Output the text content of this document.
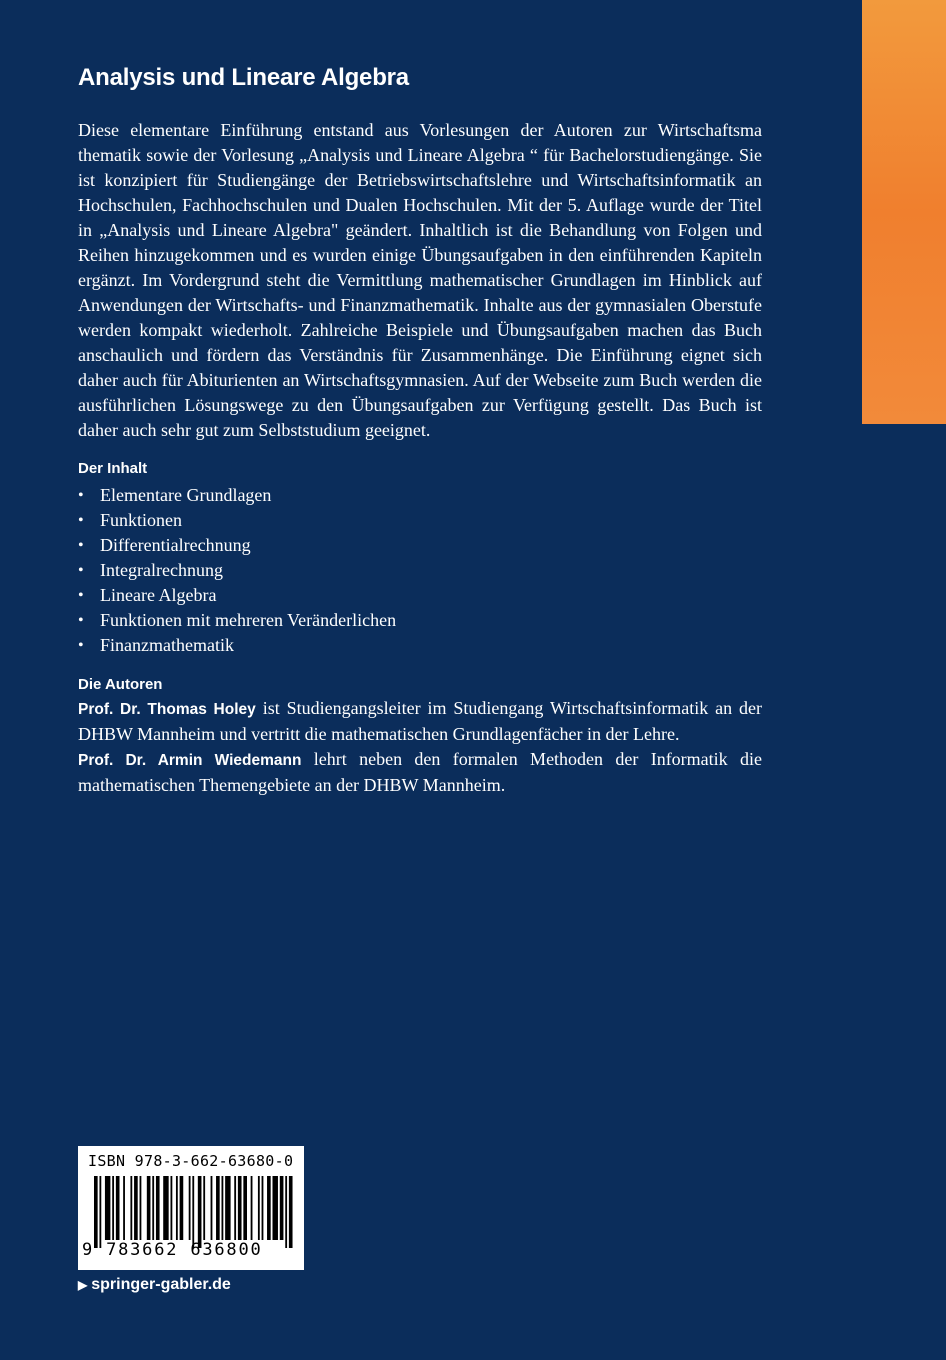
Analysis und Lineare Algebra

Diese elementare Einführung entstand aus Vorlesungen der Autoren zur Wirtschaftsma thematik sowie der Vorlesung „Analysis und Lineare Algebra “ für Bachelorstudiengänge. Sie ist konzipiert für Studiengänge der Betriebswirtschaftslehre und Wirtschaftsinformatik an Hochschulen, Fachhochschulen und Dualen Hochschulen. Mit der 5. Auflage wurde der Titel in „Analysis und Lineare Algebra" geändert. Inhaltlich ist die Behandlung von Folgen und Reihen hinzugekommen und es wurden einige Übungsaufgaben in den einführenden Kapiteln ergänzt. Im Vordergrund steht die Vermittlung mathematischer Grundlagen im Hinblick auf Anwendungen der Wirtschafts- und Finanzmathematik. Inhalte aus der gymnasialen Oberstufe werden kompakt wiederholt. Zahlreiche Beispiele und Übungsaufgaben machen das Buch anschaulich und fördern das Verständnis für Zusammenhänge. Die Einführung eignet sich daher auch für Abiturienten an Wirtschaftsgymnasien. Auf der Webseite zum Buch werden die ausführlichen Lösungswege zu den Übungsaufgaben zur Verfügung gestellt. Das Buch ist daher auch sehr gut zum Selbststudium geeignet.

Der Inhalt
• Elementare Grundlagen
• Funktionen
• Differentialrechnung
• Integralrechnung
• Lineare Algebra
• Funktionen mit mehreren Veränderlichen
• Finanzmathematik
Die Autoren

Prof. Dr. Thomas Holey ist Studiengangsleiter im Studiengang Wirtschaftsinformatik an der DHBW Mannheim und vertritt die mathematischen Grundlagenfächer in der Lehre.

Prof. Dr. Armin Wiedemann lehrt neben den formalen Methoden der Informatik die mathematischen Themengebiete an der DHBW Mannheim.

ISBN 978-3-662-63680-0
9 783662 636800
▶ springer-gabler.de
